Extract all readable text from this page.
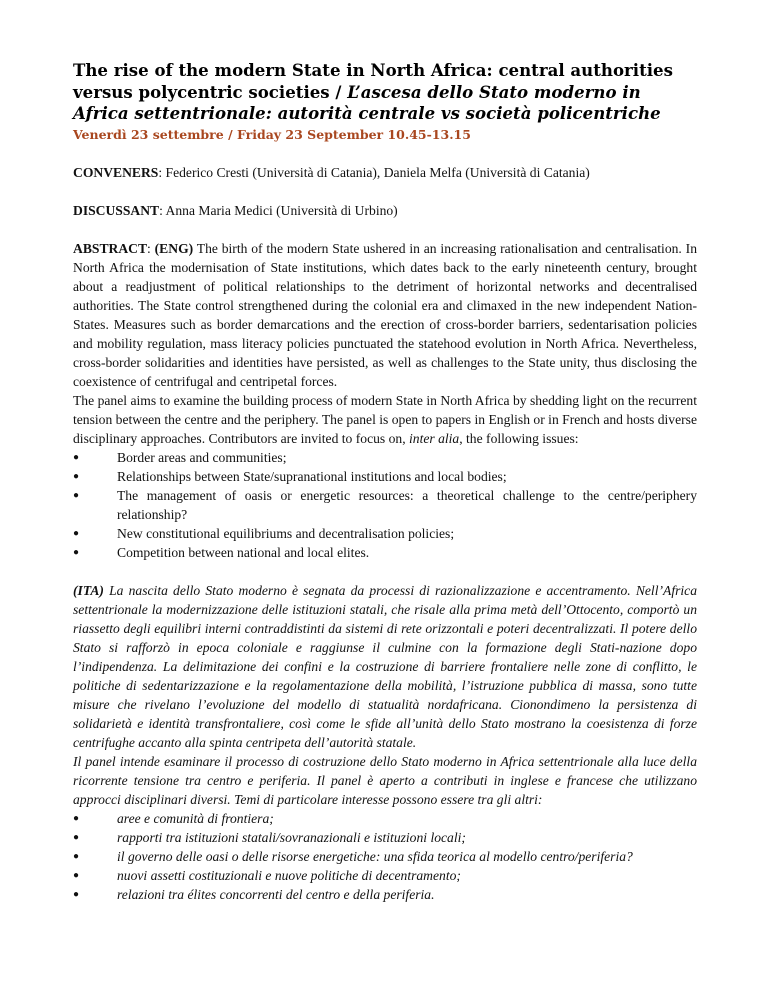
The rise of the modern State in North Africa: central authorities versus polycentric societies / L’ascesa dello Stato moderno in Africa settentrionale: autorità centrale vs società policentriche

Venerdì 23 settembre / Friday 23 September 10.45-13.15

CONVENERS: Federico Cresti (Università di Catania), Daniela Melfa (Università di Catania)

DISCUSSANT: Anna Maria Medici (Università di Urbino)

ABSTRACT: (ENG) The birth of the modern State ushered in an increasing rationalisation and centralisation. In North Africa the modernisation of State institutions, which dates back to the early nineteenth century, brought about a readjustment of political relationships to the detriment of horizontal networks and decentralised authorities. The State control strengthened during the colonial era and climaxed in the new independent Nation-States. Measures such as border demarcations and the erection of cross-border barriers, sedentarisation policies and mobility regulation, mass literacy policies punctuated the statehood evolution in North Africa. Nevertheless, cross-border solidarities and identities have persisted, as well as challenges to the State unity, thus disclosing the coexistence of centrifugal and centripetal forces.

The panel aims to examine the building process of modern State in North Africa by shedding light on the recurrent tension between the centre and the periphery. The panel is open to papers in English or in French and hosts diverse disciplinary approaches. Contributors are invited to focus on, inter alia, the following issues:

●	Border areas and communities;
●	Relationships between State/supranational institutions and local bodies;
●	The management of oasis or energetic resources: a theoretical challenge to the centre/periphery relationship?
●	New constitutional equilibriums and decentralisation policies;
●	Competition between national and local elites.

(ITA) La nascita dello Stato moderno è segnata da processi di razionalizzazione e accentramento. Nell’Africa settentrionale la modernizzazione delle istituzioni statali, che risale alla prima metà dell’Ottocento, comportò un riassetto degli equilibri interni contraddistinti da sistemi di rete orizzontali e poteri decentralizzati. Il potere dello Stato si rafforzò in epoca coloniale e raggiunse il culmine con la formazione degli Stati-nazione dopo l’indipendenza. La delimitazione dei confini e la costruzione di barriere frontaliere nelle zone di conflitto, le politiche di sedentarizzazione e la regolamentazione della mobilità, l’istruzione pubblica di massa, sono tutte misure che rivelano l’evoluzione del modello di statualità nordafricana. Cionondimeno la persistenza di solidarietà e identità transfrontaliere, così come le sfide all’unità dello Stato mostrano la coesistenza di forze centrifughe accanto alla spinta centripeta dell’autorità statale.

Il panel intende esaminare il processo di costruzione dello Stato moderno in Africa settentrionale alla luce della ricorrente tensione tra centro e periferia. Il panel è aperto a contributi in inglese e francese che utilizzano approcci disciplinari diversi. Temi di particolare interesse possono essere tra gli altri:

●	aree e comunità di frontiera;
●	rapporti tra istituzioni statali/sovranazionali e istituzioni locali;
●	il governo delle oasi o delle risorse energetiche: una sfida teorica al modello centro/periferia?
●	nuovi assetti costituzionali e nuove politiche di decentramento;
●	relazioni tra élites concorrenti del centro e della periferia.
